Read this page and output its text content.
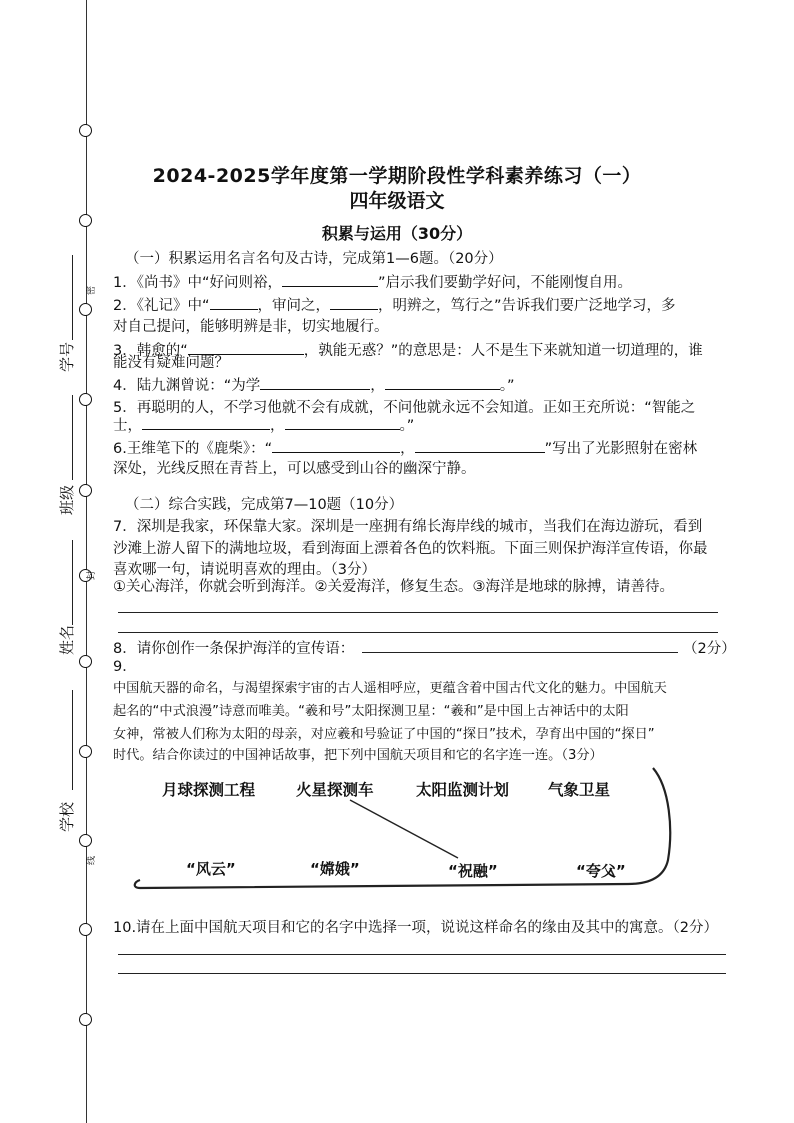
密
封
线
学号
班级
姓名
学校
2024-2025学年度第一学期阶段性学科素养练习（一）
四年级语文
积累与运用（30分）
（一）积累运用名言名句及古诗，完成第1—6题。（20分）
1．《尚书》中“好问则裕，	”启示我们要勤学好问，不能刚愎自用。
2．《礼记》中“	，审问之，	，明辨之，笃行之”告诉我们要广泛地学习，多
对自己提问，能够明辨是非，切实地履行。
3．韩愈的“	，孰能无惑？”的意思是：人不是生下来就知道一切道理的，谁
能没有疑难问题？
4．陆九渊曾说：“为学	，	。”
5．再聪明的人，不学习他就不会有成就，不问他就永远不会知道。正如王充所说：“智能之
士，	，	。”
6.王维笔下的《鹿柴》：“	，	”写出了光影照射在密林
深处，光线反照在青苔上，可以感受到山谷的幽深宁静。
（二）综合实践，完成第7—10题（10分）
7．深圳是我家，环保靠大家。深圳是一座拥有绵长海岸线的城市，当我们在海边游玩，看到
沙滩上游人留下的满地垃圾，看到海面上漂着各色的饮料瓶。下面三则保护海洋宣传语，你最
喜欢哪一句，请说明喜欢的理由。（3分）
①关心海洋，你就会听到海洋。②关爱海洋，修复生态。③海洋是地球的脉搏，请善待。
8．请你创作一条保护海洋的宣传语：	（2分）
9．
中国航天器的命名，与渴望探索宇宙的古人遥相呼应，更蕴含着中国古代文化的魅力。中国航天
起名的“中式浪漫”诗意而唯美。“羲和号”太阳探测卫星：“羲和”是中国上古神话中的太阳
女神，常被人们称为太阳的母亲，对应羲和号验证了中国的“探日”技术，孕育出中国的“探日”
时代。结合你读过的中国神话故事，把下列中国航天项目和它的名字连一连。（3分）
月球探测工程	火星探测车	太阳监测计划	气象卫星
“风云”	“嫦娥”	“祝融”	“夸父”
10.请在上面中国航天项目和它的名字中选择一项，说说这样命名的缘由及其中的寓意。（2分）
